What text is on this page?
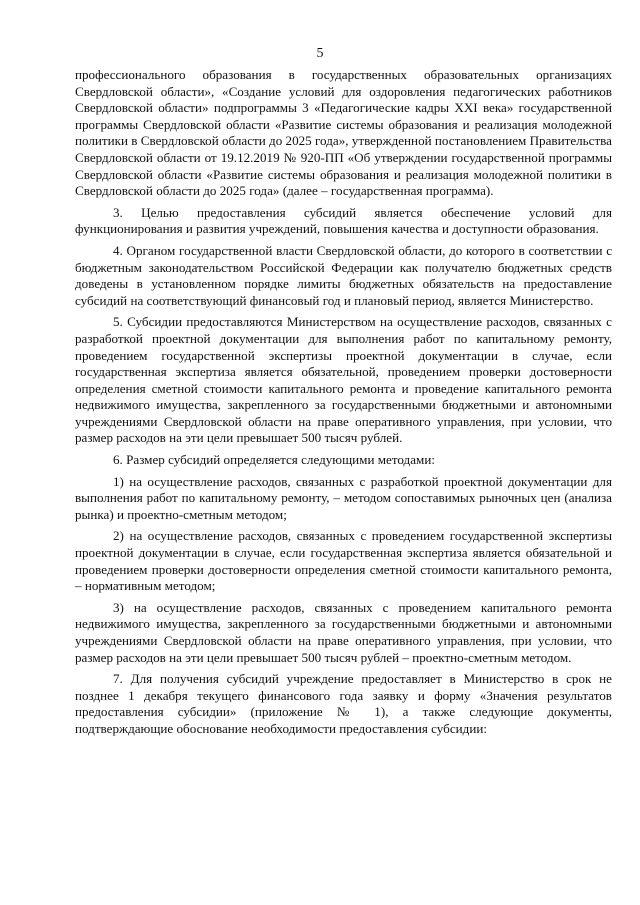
5

профессионального образования в государственных образовательных организациях Свердловской области», «Создание условий для оздоровления педагогических работников Свердловской области» подпрограммы 3 «Педагогические кадры XXI века» государственной программы Свердловской области «Развитие системы образования и реализация молодежной политики в Свердловской области до 2025 года», утвержденной постановлением Правительства Свердловской области от 19.12.2019 № 920-ПП «Об утверждении государственной программы Свердловской области «Развитие системы образования и реализация молодежной политики в Свердловской области до 2025 года» (далее – государственная программа).

3. Целью предоставления субсидий является обеспечение условий для функционирования и развития учреждений, повышения качества и доступности образования.

4. Органом государственной власти Свердловской области, до которого в соответствии с бюджетным законодательством Российской Федерации как получателю бюджетных средств доведены в установленном порядке лимиты бюджетных обязательств на предоставление субсидий на соответствующий финансовый год и плановый период, является Министерство.

5. Субсидии предоставляются Министерством на осуществление расходов, связанных с разработкой проектной документации для выполнения работ по капитальному ремонту, проведением государственной экспертизы проектной документации в случае, если государственная экспертиза является обязательной, проведением проверки достоверности определения сметной стоимости капитального ремонта и проведение капитального ремонта недвижимого имущества, закрепленного за государственными бюджетными и автономными учреждениями Свердловской области на праве оперативного управления, при условии, что размер расходов на эти цели превышает 500 тысяч рублей.

6. Размер субсидий определяется следующими методами:

1) на осуществление расходов, связанных с разработкой проектной документации для выполнения работ по капитальному ремонту, – методом сопоставимых рыночных цен (анализа рынка) и проектно-сметным методом;

2) на осуществление расходов, связанных с проведением государственной экспертизы проектной документации в случае, если государственная экспертиза является обязательной и проведением проверки достоверности определения сметной стоимости капитального ремонта, – нормативным методом;

3) на осуществление расходов, связанных с проведением капитального ремонта недвижимого имущества, закрепленного за государственными бюджетными и автономными учреждениями Свердловской области на праве оперативного управления, при условии, что размер расходов на эти цели превышает 500 тысяч рублей – проектно-сметным методом.

7. Для получения субсидий учреждение предоставляет в Министерство в срок не позднее 1 декабря текущего финансового года заявку и форму «Значения результатов предоставления субсидии» (приложение № 1), а также следующие документы, подтверждающие обоснование необходимости предоставления субсидии:
